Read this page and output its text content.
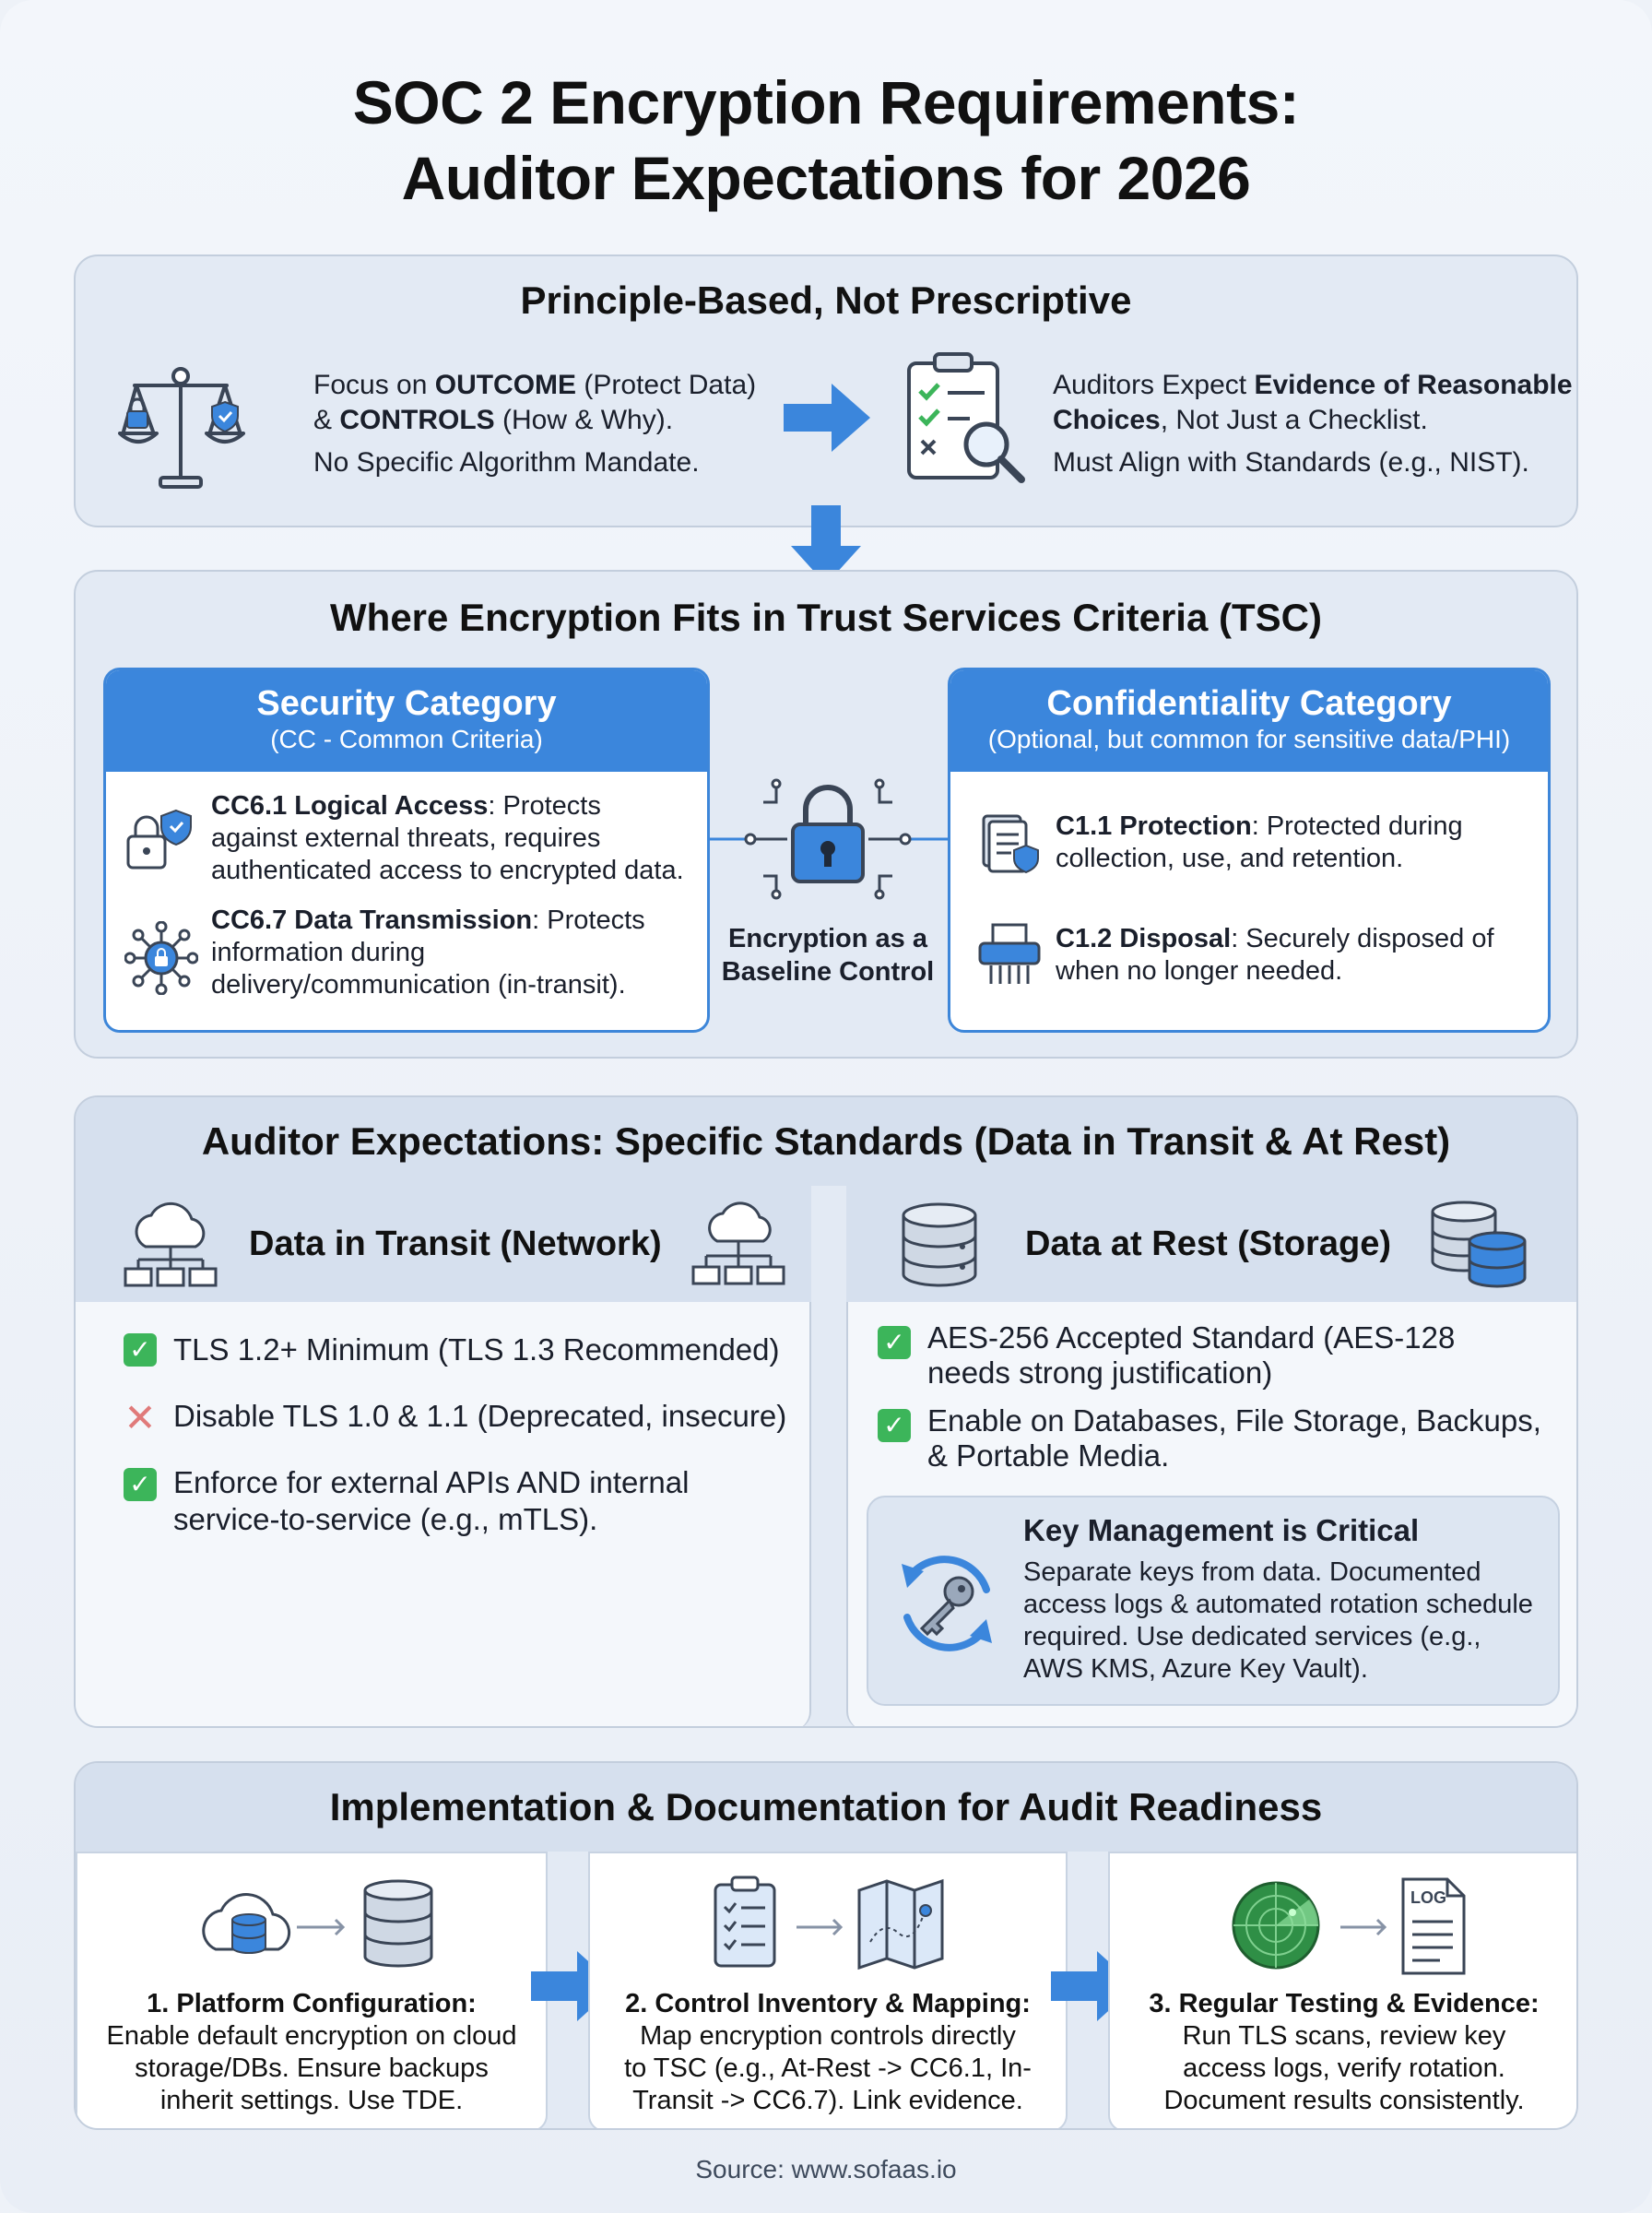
SOC 2 Encryption Requirements:
Auditor Expectations for 2026
Principle-Based, Not Prescriptive
Focus on OUTCOME (Protect Data)
& CONTROLS (How & Why).
No Specific Algorithm Mandate.
Auditors Expect Evidence of Reasonable
Choices, Not Just a Checklist.
Must Align with Standards (e.g., NIST).
Where Encryption Fits in Trust Services Criteria (TSC)
Security Category
(CC - Common Criteria)
CC6.1 Logical Access: Protects
against external threats, requires
authenticated access to encrypted data.
CC6.7 Data Transmission: Protects
information during
delivery/communication (in-transit).
Encryption as a
Baseline Control
Confidentiality Category
(Optional, but common for sensitive data/PHI)
C1.1 Protection: Protected during
collection, use, and retention.
C1.2 Disposal: Securely disposed of
when no longer needed.
Auditor Expectations: Specific Standards (Data in Transit & At Rest)
Data in Transit (Network)
✓ TLS 1.2+ Minimum (TLS 1.3 Recommended)
✕ Disable TLS 1.0 & 1.1 (Deprecated, insecure)
✓ Enforce for external APIs AND internal
service-to-service (e.g., mTLS).
Data at Rest (Storage)
✓ AES-256 Accepted Standard (AES-128
needs strong justification)
✓ Enable on Databases, File Storage, Backups,
& Portable Media.
Key Management is Critical
Separate keys from data. Documented
access logs & automated rotation schedule
required. Use dedicated services (e.g.,
AWS KMS, Azure Key Vault).
Implementation & Documentation for Audit Readiness
1. Platform Configuration:
Enable default encryption on cloud
storage/DBs. Ensure backups
inherit settings. Use TDE.
2. Control Inventory & Mapping:
Map encryption controls directly
to TSC (e.g., At-Rest -> CC6.1, In-
Transit -> CC6.7). Link evidence.
LOG
3. Regular Testing & Evidence:
Run TLS scans, review key
access logs, verify rotation.
Document results consistently.
Source: www.sofaas.io
